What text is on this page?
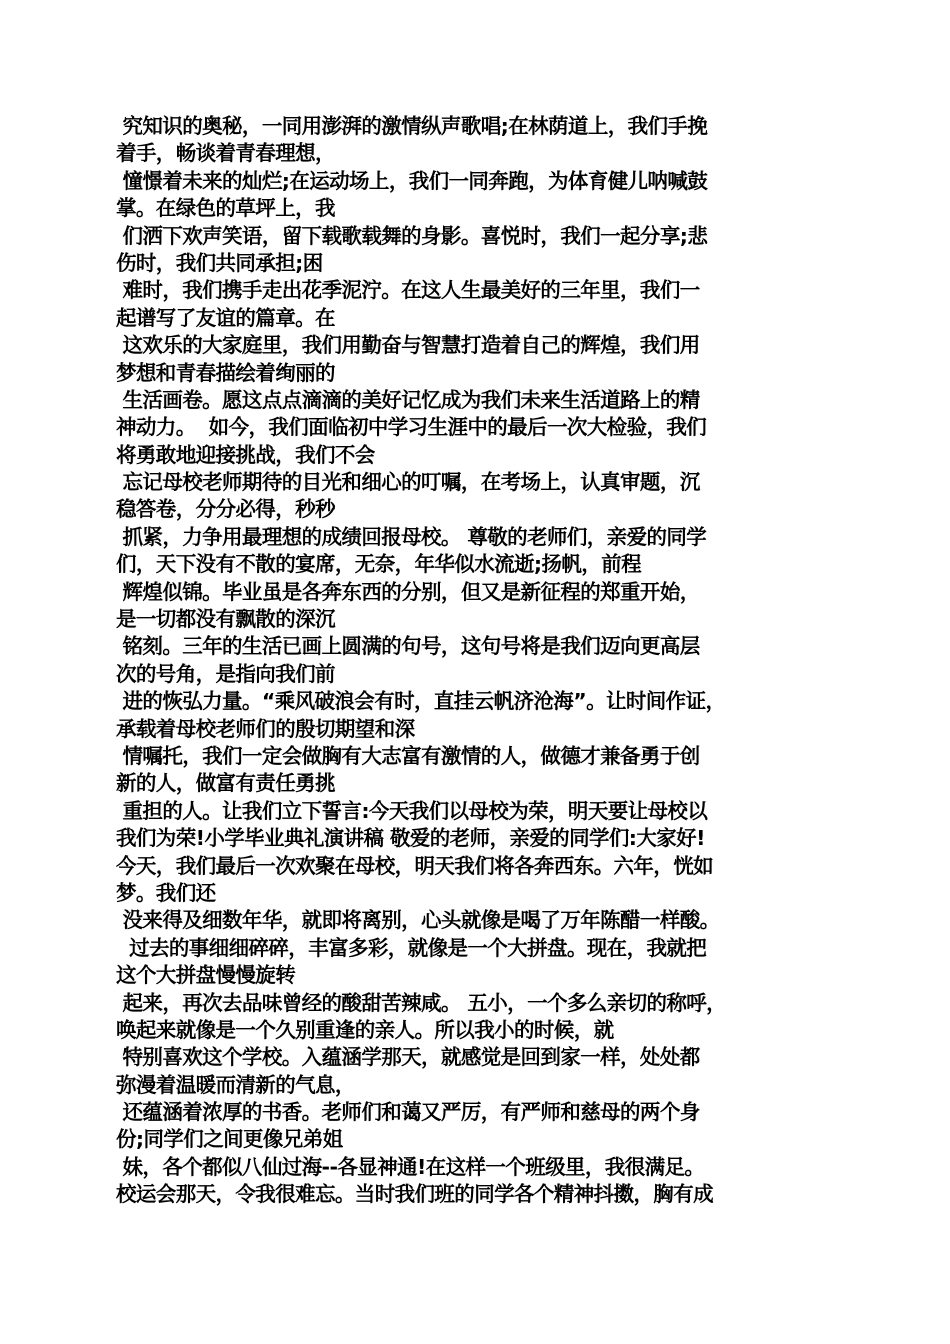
究知识的奥秘，一同用澎湃的激情纵声歌唱;在林荫道上，我们手挽
着手，畅谈着青春理想，
憧憬着未来的灿烂;在运动场上，我们一同奔跑，为体育健儿呐喊鼓
掌。在绿色的草坪上，我
们洒下欢声笑语，留下载歌载舞的身影。喜悦时，我们一起分享;悲
伤时，我们共同承担;困
难时，我们携手走出花季泥泞。在这人生最美好的三年里，我们一
起谱写了友谊的篇章。在
这欢乐的大家庭里，我们用勤奋与智慧打造着自己的辉煌，我们用
梦想和青春描绘着绚丽的
生活画卷。愿这点点滴滴的美好记忆成为我们未来生活道路上的精
神动力。  如今，我们面临初中学习生涯中的最后一次大检验，我们
将勇敢地迎接挑战，我们不会
忘记母校老师期待的目光和细心的叮嘱，在考场上，认真审题，沉
稳答卷，分分必得，秒秒
抓紧，力争用最理想的成绩回报母校。 尊敬的老师们，亲爱的同学
们，天下没有不散的宴席，无奈，年华似水流逝;扬帆，前程
辉煌似锦。毕业虽是各奔东西的分别，但又是新征程的郑重开始，
是一切都没有飘散的深沉
铭刻。三年的生活已画上圆满的句号，这句号将是我们迈向更高层
次的号角，是指向我们前
进的恢弘力量。“乘风破浪会有时，直挂云帆济沧海”。让时间作证，
承载着母校老师们的殷切期望和深
情嘱托，我们一定会做胸有大志富有激情的人，做德才兼备勇于创
新的人，做富有责任勇挑
重担的人。让我们立下誓言:今天我们以母校为荣，明天要让母校以
我们为荣!小学毕业典礼演讲稿 敬爱的老师，亲爱的同学们:大家好!
今天，我们最后一次欢聚在母校，明天我们将各奔西东。六年，恍如
梦。我们还
没来得及细数年华，就即将离别，心头就像是喝了万年陈醋一样酸。
过去的事细细碎碎，丰富多彩，就像是一个大拼盘。现在，我就把
这个大拼盘慢慢旋转
起来，再次去品味曾经的酸甜苦辣咸。 五小，一个多么亲切的称呼，
唤起来就像是一个久别重逢的亲人。所以我小的时候，就
特别喜欢这个学校。入蕴涵学那天，就感觉是回到家一样，处处都
弥漫着温暖而清新的气息，
还蕴涵着浓厚的书香。老师们和蔼又严厉，有严师和慈母的两个身
份;同学们之间更像兄弟姐
妹，各个都似八仙过海--各显神通!在这样一个班级里，我很满足。
校运会那天，令我很难忘。当时我们班的同学各个精神抖擞，胸有成
